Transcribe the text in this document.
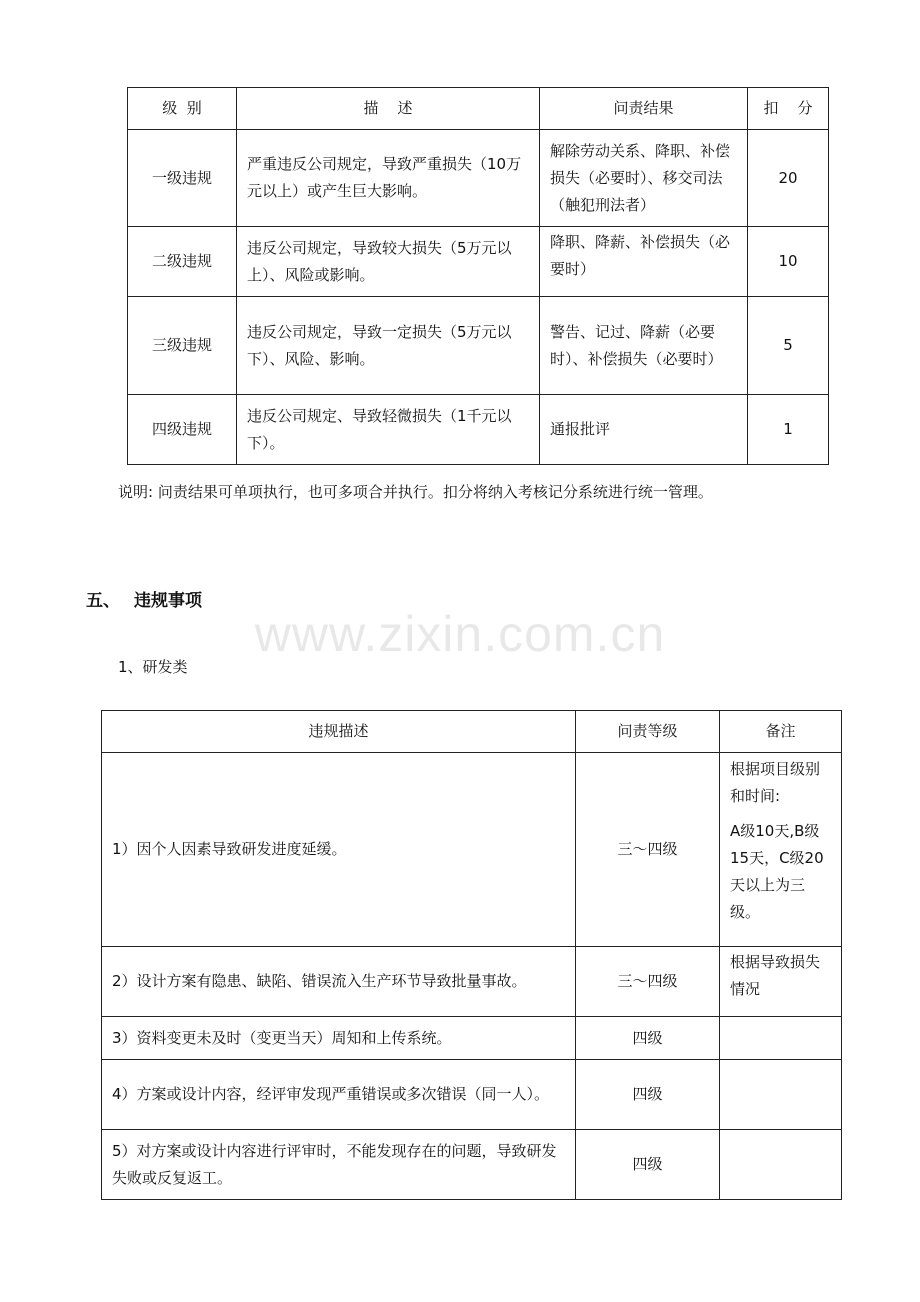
级  别	描    述	问责结果	扣    分
一级违规	严重违反公司规定，导致严重损失（10万元以上）或产生巨大影响。	解除劳动关系、降职、补偿损失（必要时）、移交司法（触犯刑法者）	20
二级违规	违反公司规定，导致较大损失（5万元以上）、风险或影响。	降职、降薪、补偿损失（必要时）	10
三级违规	违反公司规定，导致一定损失（5万元以下）、风险、影响。	警告、记过、降薪（必要时）、补偿损失（必要时）	5
四级违规	违反公司规定、导致轻微损失（1千元以下）。	通报批评	1
说明: 问责结果可单项执行，也可多项合并执行。扣分将纳入考核记分系统进行统一管理。
www.zixin.com.cn
五、 违规事项
1、研发类
违规描述	问责等级	备注
1）因个人因素导致研发进度延缓。	三～四级	根据项目级别和时间:

A级10天,B级15天，C级20天以上为三级。

2）设计方案有隐患、缺陷、错误流入生产环节导致批量事故。	三～四级	根据导致损失情况
3）资料变更未及时（变更当天）周知和上传系统。	四级	
4）方案或设计内容，经评审发现严重错误或多次错误（同一人）。	四级	
5）对方案或设计内容进行评审时，不能发现存在的问题，导致研发失败或反复返工。	四级	
